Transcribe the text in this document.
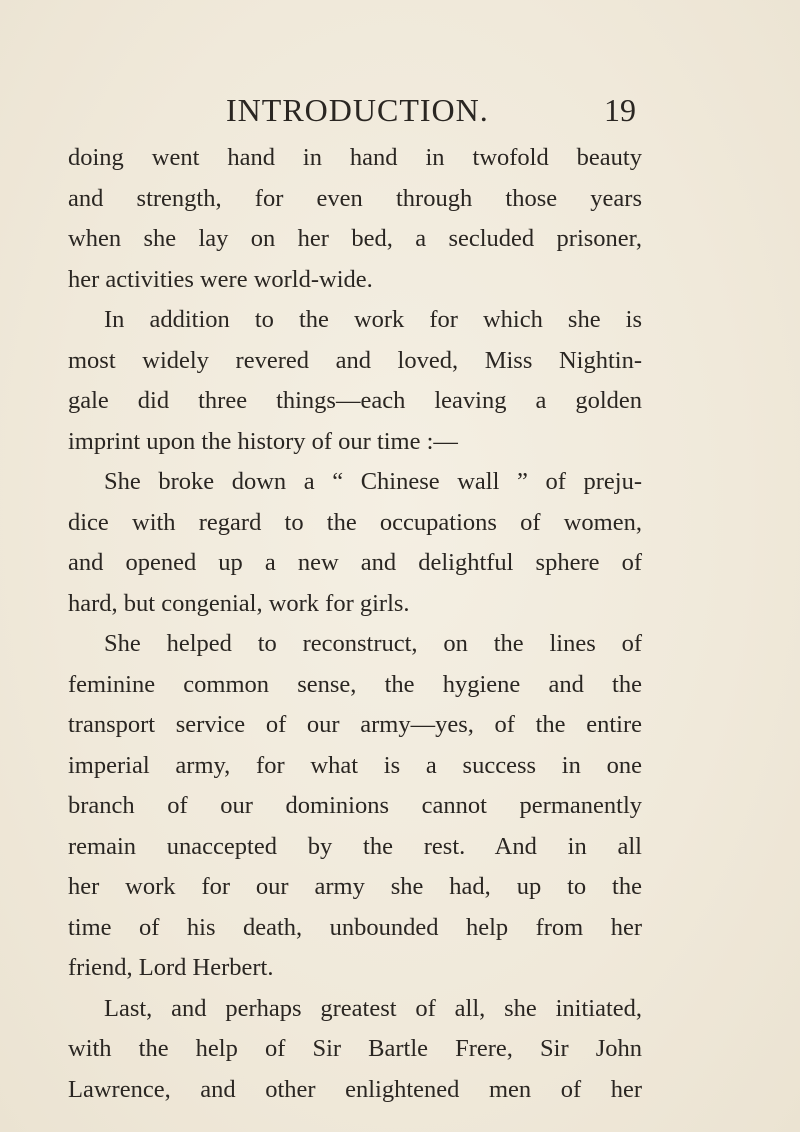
INTRODUCTION.	19
doing went hand in hand in twofold beauty
and strength, for even through those years
when she lay on her bed, a secluded prisoner,
her activities were world-wide.
In addition to the work for which she is
most widely revered and loved, Miss Nightin-
gale did three things—each leaving a golden
imprint upon the history of our time :—
She broke down a “ Chinese wall ” of preju-
dice with regard to the occupations of women,
and opened up a new and delightful sphere of
hard, but congenial, work for girls.
She helped to reconstruct, on the lines of
feminine common sense, the hygiene and the
transport service of our army—yes, of the entire
imperial army, for what is a success in one
branch of our dominions cannot permanently
remain unaccepted by the rest. And in all
her work for our army she had, up to the
time of his death, unbounded help from her
friend, Lord Herbert.
Last, and perhaps greatest of all, she initiated,
with the help of Sir Bartle Frere, Sir John
Lawrence, and other enlightened men of her
